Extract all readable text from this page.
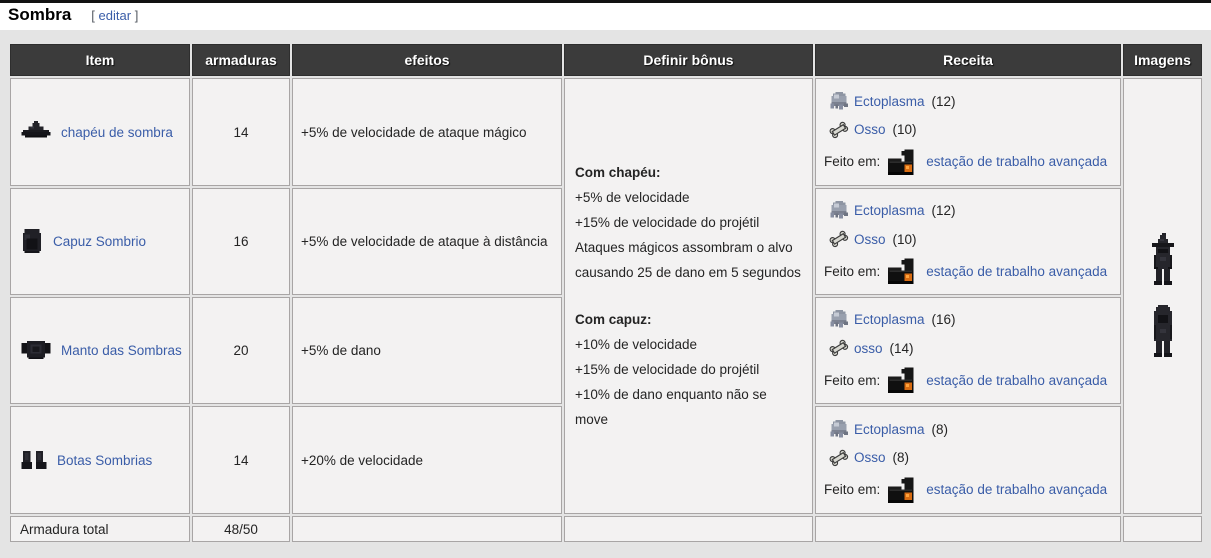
Sombra [ editar ]
Item	armaduras	efeitos	Definir bônus	Receita	Imagens

chapéu de sombra	14	+5% de velocidade de ataque mágico	
Com chapéu:
+5% de velocidade
+15% de velocidade do projétil
Ataques mágicos assombram o alvo
causando 25 de dano em 5 segundos
Com capuz:
+10% de velocidade
+15% de velocidade do projétil
+10% de dano enquanto não se move

Ectoplasma (12)
Osso (10)
Feito em:	estação de trabalho avançada

Capuz Sombrio	16	+5% de velocidade de ataque à distância	
Ectoplasma (12)
Osso (10)
Feito em:	estação de trabalho avançada

Manto das Sombras	20	+5% de dano	
Ectoplasma (16)
osso (14)
Feito em:	estação de trabalho avançada

Botas Sombrias	14	+20% de velocidade	
Ectoplasma (8)
Osso (8)
Feito em:	estação de trabalho avançada

Armadura total	48/50				
